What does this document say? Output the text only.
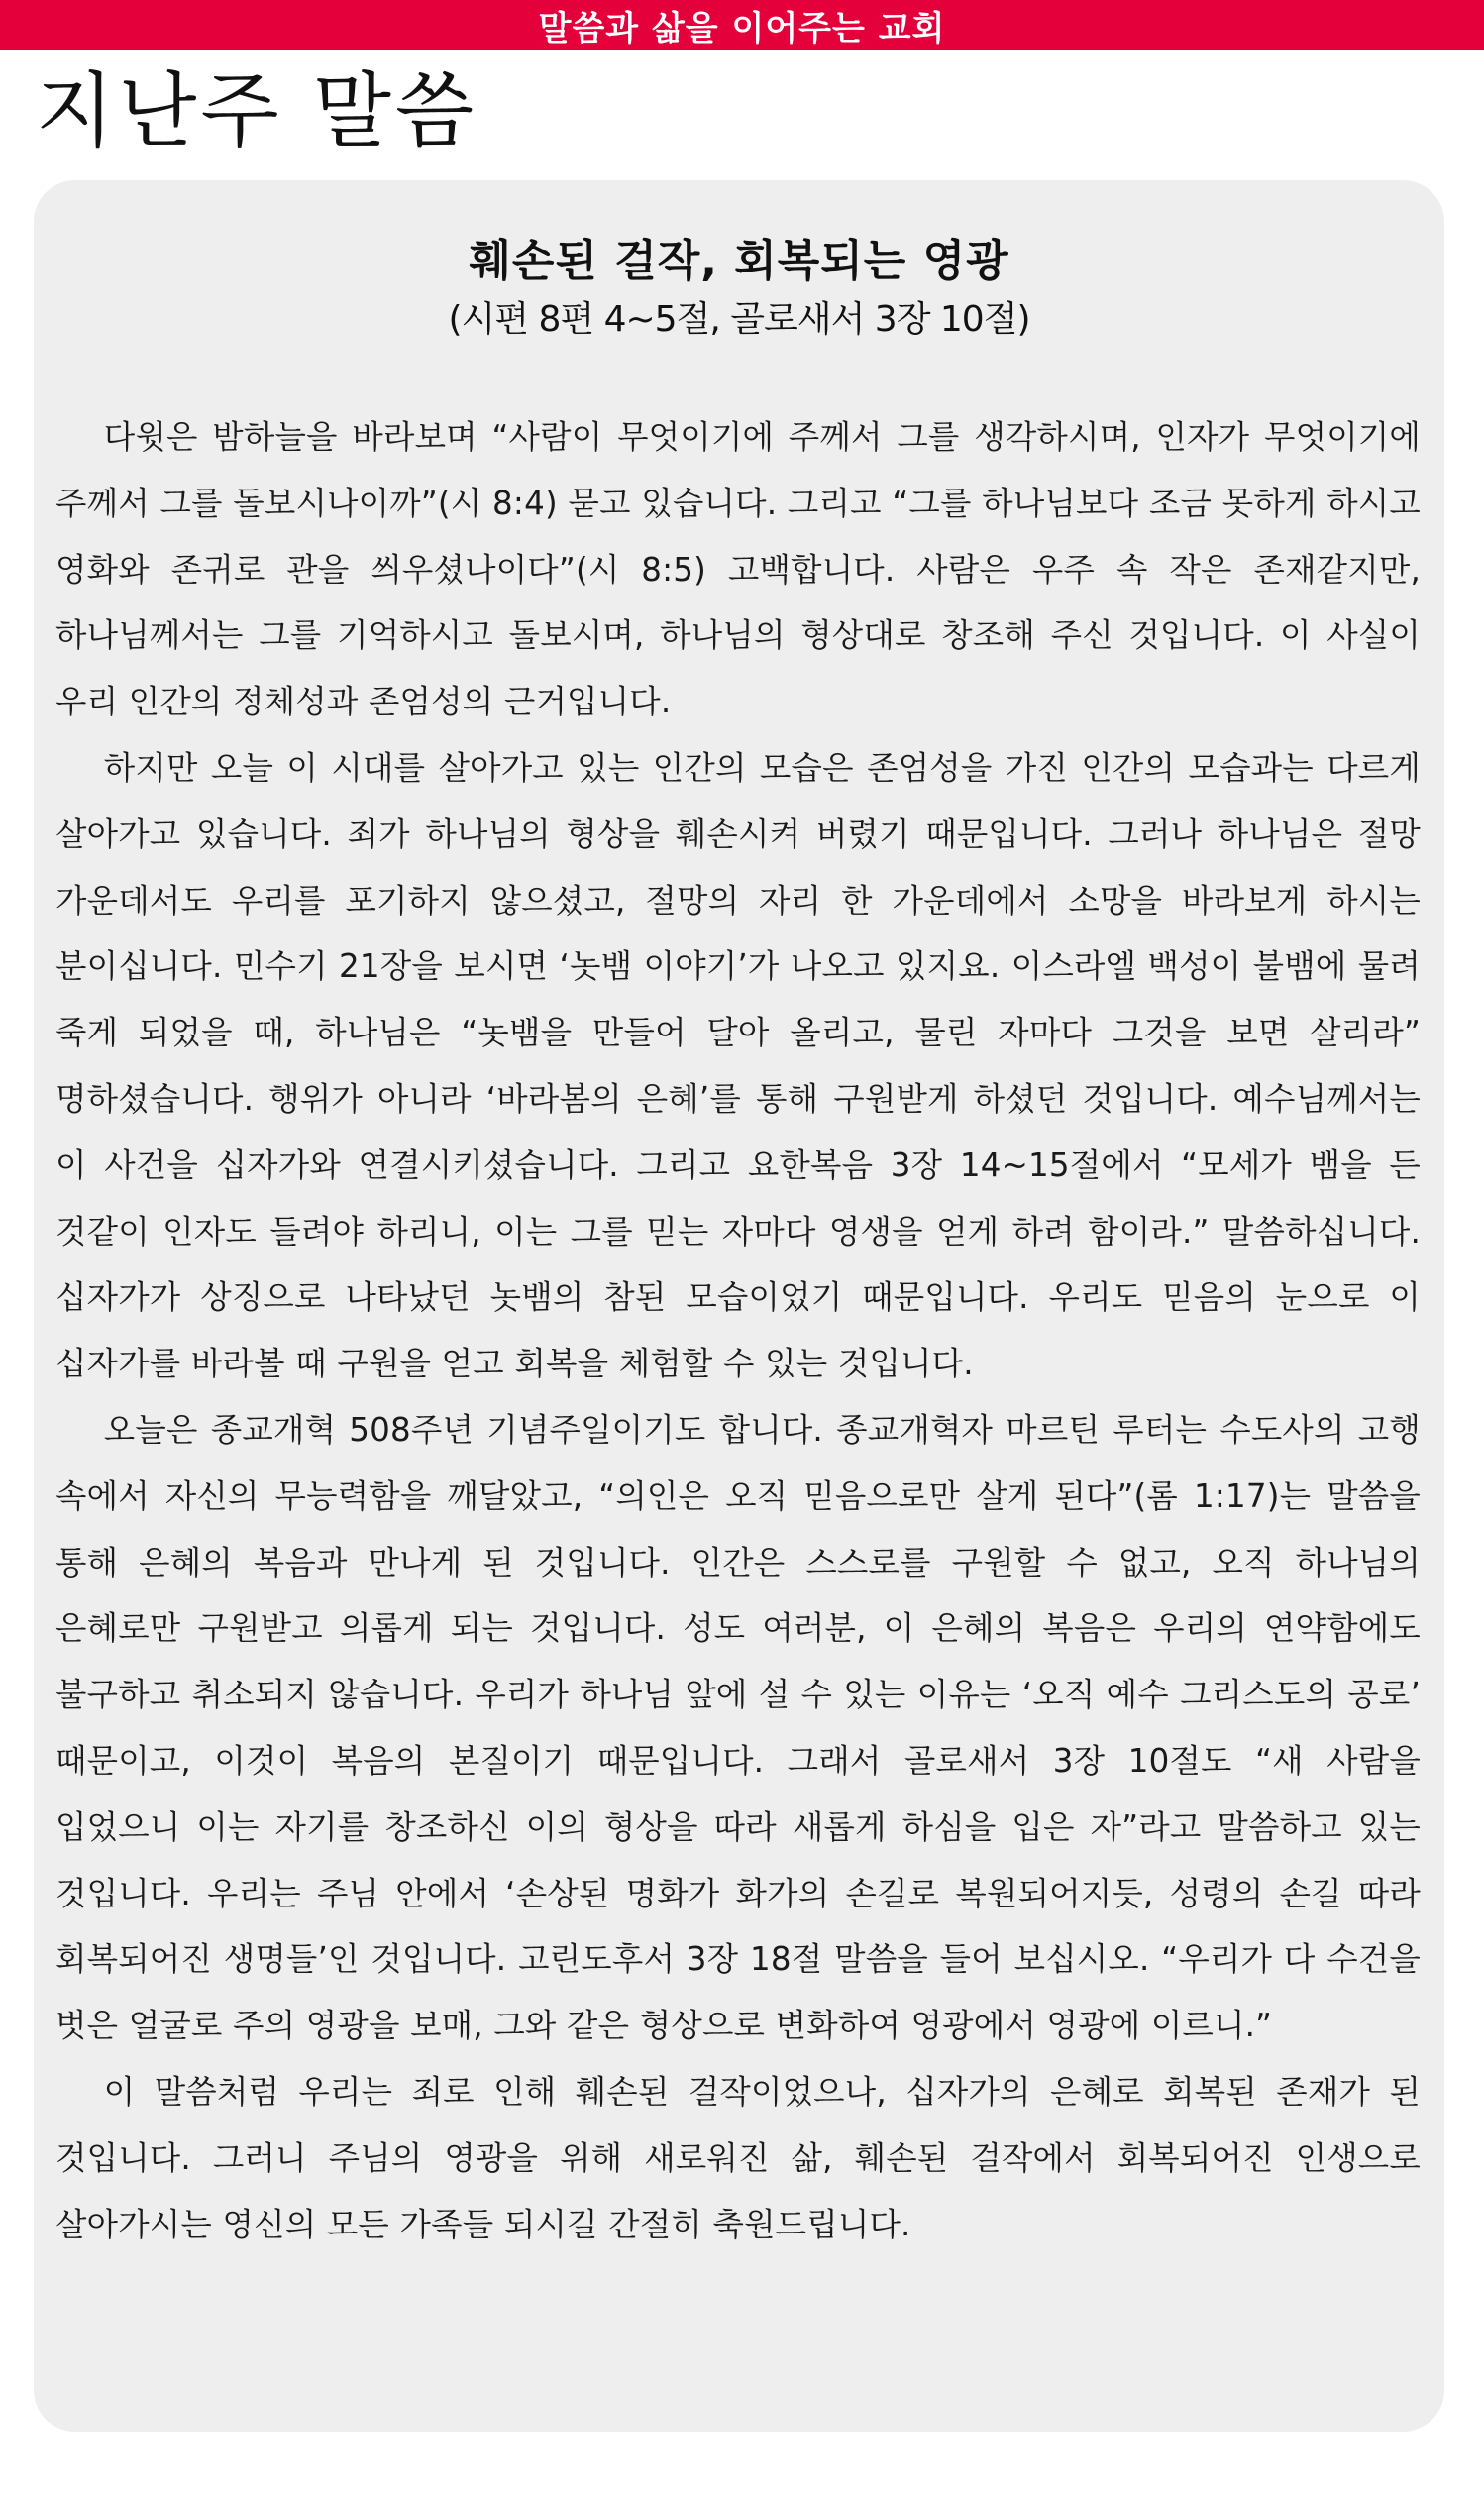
말씀과 삶을 이어주는 교회
지난주 말씀
훼손된 걸작, 회복되는 영광
(시편 8편 4~5절, 골로새서 3장 10절)

다윗은 밤하늘을 바라보며 “사람이 무엇이기에 주께서 그를 생각하시며, 인자가 무엇이기에 주께서 그를 돌보시나이까”(시 8:4) 묻고 있습니다. 그리고 “그를 하나님보다 조금 못하게 하시고 영화와 존귀로 관을 씌우셨나이다”(시 8:5) 고백합니다. 사람은 우주 속 작은 존재같지만, 하나님께서는 그를 기억하시고 돌보시며, 하나님의 형상대로 창조해 주신 것입니다. 이 사실이 우리 인간의 정체성과 존엄성의 근거입니다.

하지만 오늘 이 시대를 살아가고 있는 인간의 모습은 존엄성을 가진 인간의 모습과는 다르게 살아가고 있습니다. 죄가 하나님의 형상을 훼손시켜 버렸기 때문입니다. 그러나 하나님은 절망 가운데서도 우리를 포기하지 않으셨고, 절망의 자리 한 가운데에서 소망을 바라보게 하시는 분이십니다. 민수기 21장을 보시면 ‘놋뱀 이야기’가 나오고 있지요. 이스라엘 백성이 불뱀에 물려 죽게 되었을 때, 하나님은 “놋뱀을 만들어 달아 올리고, 물린 자마다 그것을 보면 살리라” 명하셨습니다. 행위가 아니라 ‘바라봄의 은혜’를 통해 구원받게 하셨던 것입니다. 예수님께서는 이 사건을 십자가와 연결시키셨습니다. 그리고 요한복음 3장 14~15절에서 “모세가 뱀을 든 것같이 인자도 들려야 하리니, 이는 그를 믿는 자마다 영생을 얻게 하려 함이라.” 말씀하십니다. 십자가가 상징으로 나타났던 놋뱀의 참된 모습이었기 때문입니다. 우리도 믿음의 눈으로 이 십자가를 바라볼 때 구원을 얻고 회복을 체험할 수 있는 것입니다.

오늘은 종교개혁 508주년 기념주일이기도 합니다. 종교개혁자 마르틴 루터는 수도사의 고행 속에서 자신의 무능력함을 깨달았고, “의인은 오직 믿음으로만 살게 된다”(롬 1:17)는 말씀을 통해 은혜의 복음과 만나게 된 것입니다. 인간은 스스로를 구원할 수 없고, 오직 하나님의 은혜로만 구원받고 의롭게 되는 것입니다. 성도 여러분, 이 은혜의 복음은 우리의 연약함에도 불구하고 취소되지 않습니다. 우리가 하나님 앞에 설 수 있는 이유는 ‘오직 예수 그리스도의 공로’ 때문이고, 이것이 복음의 본질이기 때문입니다. 그래서 골로새서 3장 10절도 “새 사람을 입었으니 이는 자기를 창조하신 이의 형상을 따라 새롭게 하심을 입은 자”라고 말씀하고 있는 것입니다. 우리는 주님 안에서 ‘손상된 명화가 화가의 손길로 복원되어지듯, 성령의 손길 따라 회복되어진 생명들’인 것입니다. 고린도후서 3장 18절 말씀을 들어 보십시오. “우리가 다 수건을 벗은 얼굴로 주의 영광을 보매, 그와 같은 형상으로 변화하여 영광에서 영광에 이르니.”

이 말씀처럼 우리는 죄로 인해 훼손된 걸작이었으나, 십자가의 은혜로 회복된 존재가 된 것입니다. 그러니 주님의 영광을 위해 새로워진 삶, 훼손된 걸작에서 회복되어진 인생으로 살아가시는 영신의 모든 가족들 되시길 간절히 축원드립니다.
